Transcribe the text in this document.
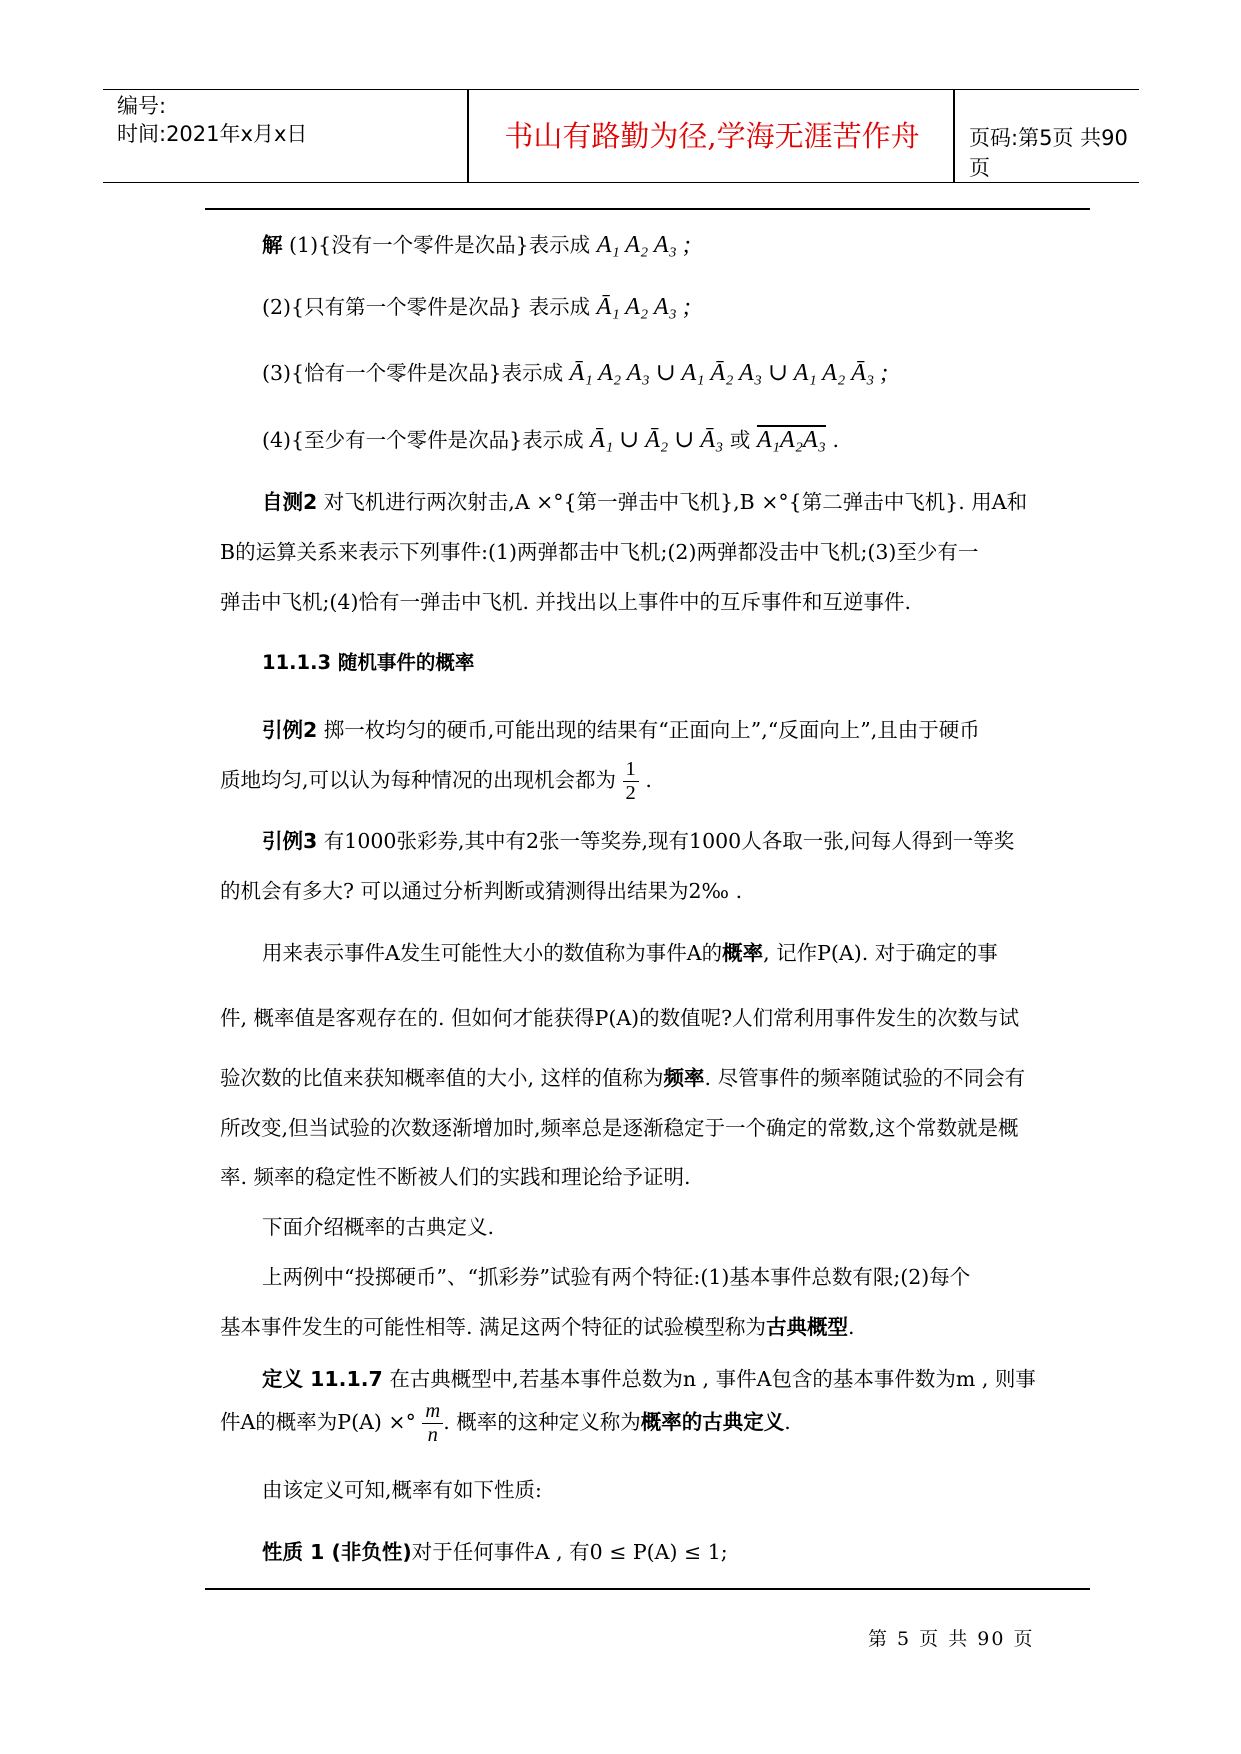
编号:
时间:2021年x月x日	书山有路勤为径,学海无涯苦作舟	页码:第5页 共90页
解 (1){没有一个零件是次品}表示成 A₁ A₂ A₃ ;
(2){只有第一个零件是次品} 表示成 Ā₁ A₂ A₃ ;
(3){恰有一个零件是次品}表示成 Ā₁ A₂ A₃ ∪ A₁ Ā₂ A₃ ∪ A₁ A₂ Ā₃ ;
(4){至少有一个零件是次品}表示成 Ā₁ ∪ Ā₂ ∪ Ā₃ 或 A₁A₂A₃ .
自测2 对飞机进行两次射击,A ×°{第一弹击中飞机},B ×°{第二弹击中飞机}. 用A和
B的运算关系来表示下列事件:(1)两弹都击中飞机;(2)两弹都没击中飞机;(3)至少有一
弹击中飞机;(4)恰有一弹击中飞机. 并找出以上事件中的互斥事件和互逆事件.
11.1.3 随机事件的概率
引例2 掷一枚均匀的硬币,可能出现的结果有“正面向上”,“反面向上”,且由于硬币
质地均匀,可以认为每种情况的出现机会都为 $\frac{1}{2}$ .
引例3 有1000张彩券,其中有2张一等奖券,现有1000人各取一张,问每人得到一等奖
的机会有多大? 可以通过分析判断或猜测得出结果为2‰ .
用来表示事件A发生可能性大小的数值称为事件A的概率, 记作P(A). 对于确定的事
件, 概率值是客观存在的. 但如何才能获得P(A)的数值呢?人们常利用事件发生的次数与试
验次数的比值来获知概率值的大小, 这样的值称为频率. 尽管事件的频率随试验的不同会有
所改变,但当试验的次数逐渐增加时,频率总是逐渐稳定于一个确定的常数,这个常数就是概
率. 频率的稳定性不断被人们的实践和理论给予证明.
下面介绍概率的古典定义.
上两例中“投掷硬币”、“抓彩券”试验有两个特征:(1)基本事件总数有限;(2)每个
基本事件发生的可能性相等. 满足这两个特征的试验模型称为古典概型.
定义 11.1.7 在古典概型中,若基本事件总数为n , 事件A包含的基本事件数为m , 则事
件A的概率为P(A) ×° $\frac{m}{n}$ . 概率的这种定义称为概率的古典定义.
由该定义可知,概率有如下性质:
性质 1 (非负性)对于任何事件A , 有0 ≤ P(A) ≤ 1;
第 5 页 共 90 页
